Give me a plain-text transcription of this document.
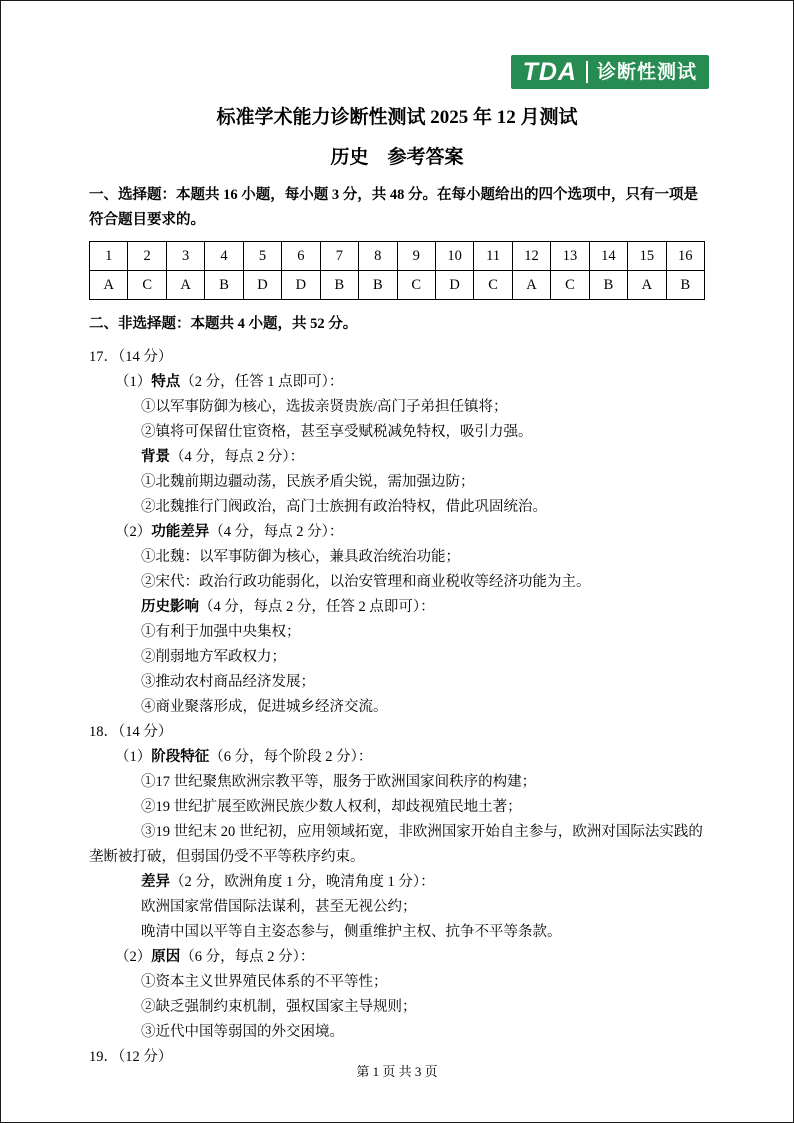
TDA 诊断性测试
标准学术能力诊断性测试 2025 年 12 月测试
历史　参考答案
一、选择题：本题共 16 小题，每小题 3 分，共 48 分。在每小题给出的四个选项中，只有一项是符合题目要求的。
1	2	3	4	5	6	7	8	9	10	11	12	13	14	15	16
A	C	A	B	D	D	B	B	C	D	C	A	C	B	A	B
二、非选择题：本题共 4 小题，共 52 分。
17．（14 分）
（1）特点（2 分，任答 1 点即可）：
①以军事防御为核心，选拔亲贤贵族/高门子弟担任镇将；
②镇将可保留仕宦资格，甚至享受赋税减免特权，吸引力强。
背景（4 分，每点 2 分）：
①北魏前期边疆动荡，民族矛盾尖锐，需加强边防；
②北魏推行门阀政治，高门士族拥有政治特权，借此巩固统治。
（2）功能差异（4 分，每点 2 分）：
①北魏：以军事防御为核心，兼具政治统治功能；
②宋代：政治行政功能弱化，以治安管理和商业税收等经济功能为主。
历史影响（4 分，每点 2 分，任答 2 点即可）：
①有利于加强中央集权；
②削弱地方军政权力；
③推动农村商品经济发展；
④商业聚落形成，促进城乡经济交流。
18．（14 分）
（1）阶段特征（6 分，每个阶段 2 分）：
①17 世纪聚焦欧洲宗教平等，服务于欧洲国家间秩序的构建；
②19 世纪扩展至欧洲民族少数人权利，却歧视殖民地土著；
③19 世纪末 20 世纪初，应用领域拓宽，非欧洲国家开始自主参与，欧洲对国际法实践的垄断被打破，但弱国仍受不平等秩序约束。
差异（2 分，欧洲角度 1 分，晚清角度 1 分）：
欧洲国家常借国际法谋利，甚至无视公约；
晚清中国以平等自主姿态参与，侧重维护主权、抗争不平等条款。
（2）原因（6 分，每点 2 分）：
①资本主义世界殖民体系的不平等性；
②缺乏强制约束机制，强权国家主导规则；
③近代中国等弱国的外交困境。
19．（12 分）
第 1 页 共 3 页
